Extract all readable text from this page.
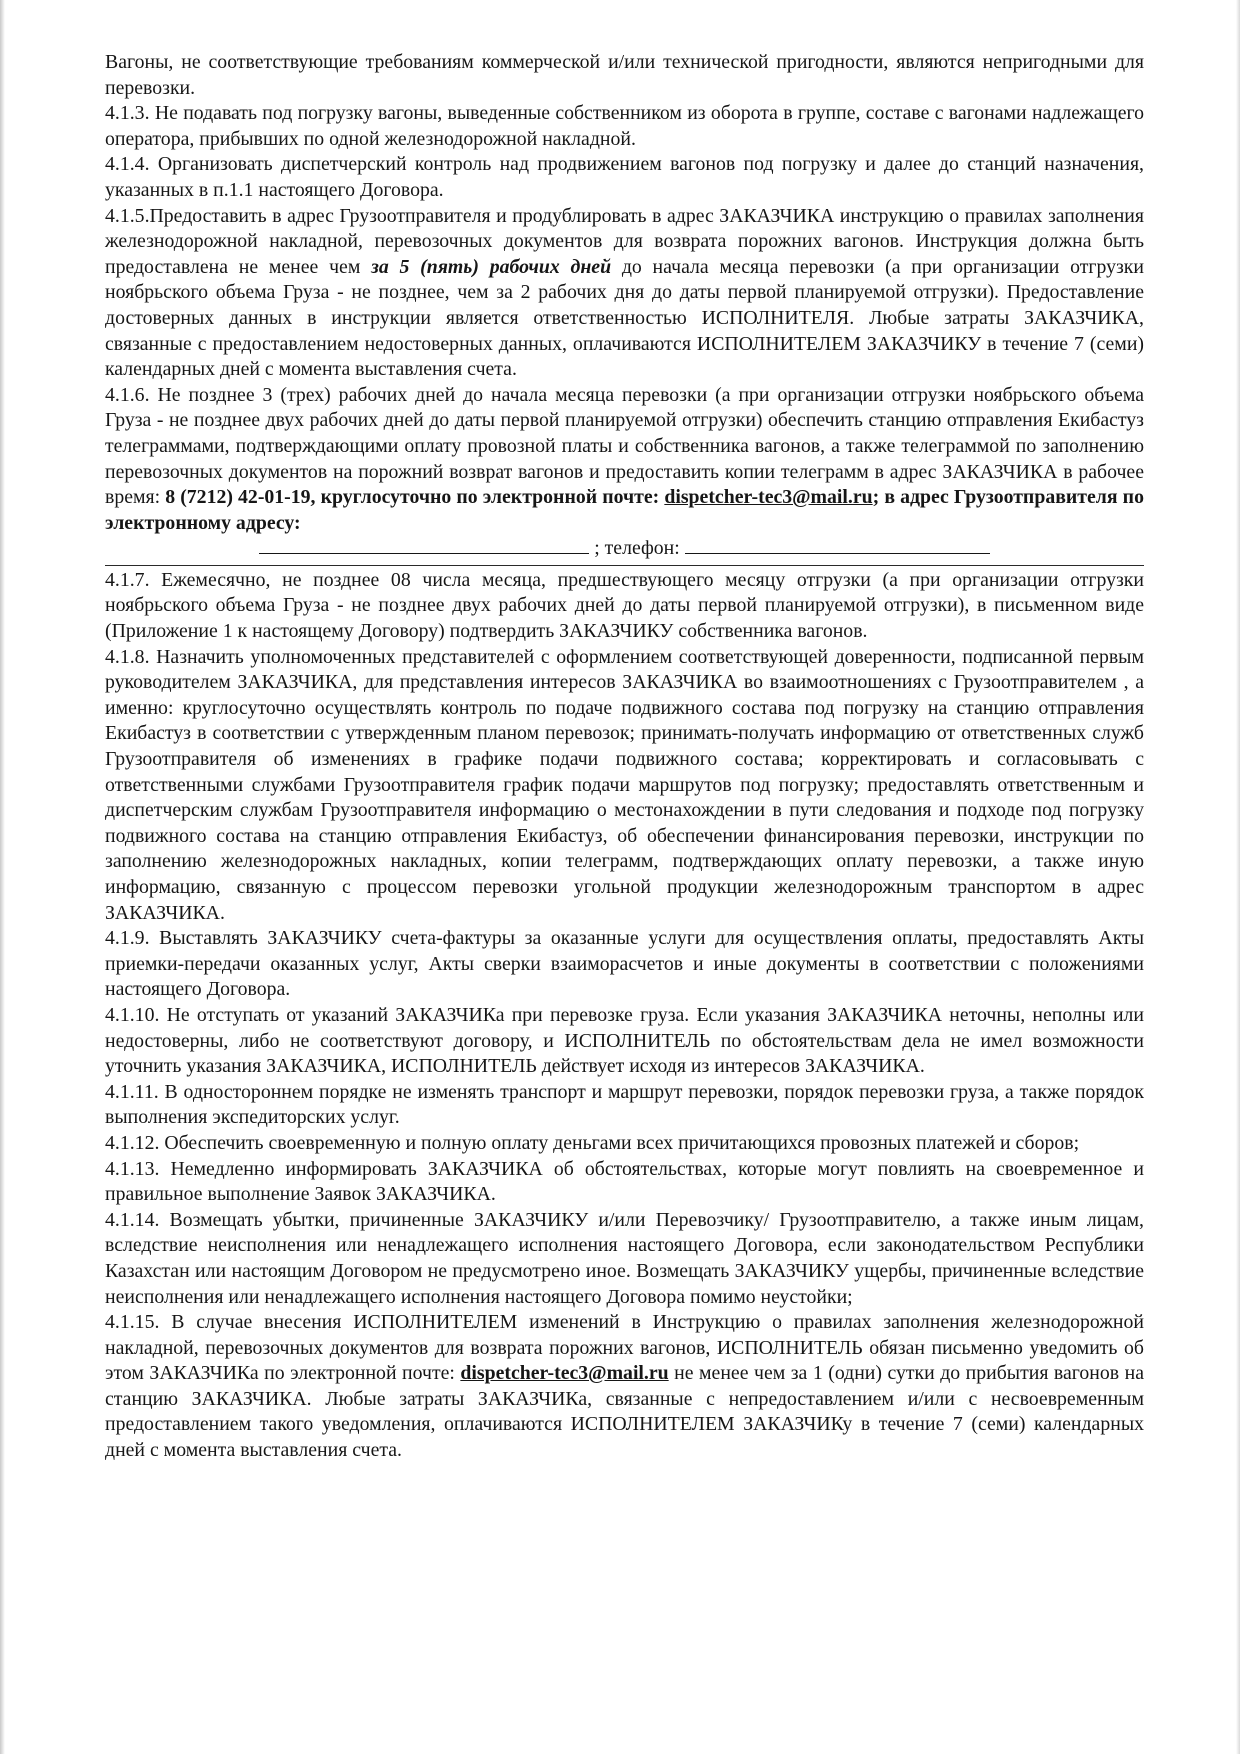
Вагоны, не соответствующие требованиям коммерческой и/или технической пригодности, являются непригодными для перевозки.

4.1.3. Не подавать под погрузку вагоны, выведенные собственником из оборота в группе, составе с вагонами надлежащего оператора, прибывших по одной железнодорожной накладной.

4.1.4. Организовать диспетчерский контроль над продвижением вагонов под погрузку и далее до станций назначения, указанных в п.1.1 настоящего Договора.

4.1.5.Предоставить в адрес Грузоотправителя и продублировать в адрес ЗАКАЗЧИКА инструкцию о правилах заполнения железнодорожной накладной, перевозочных документов для возврата порожних вагонов. Инструкция должна быть предоставлена не менее чем за 5 (пять) рабочих дней до начала месяца перевозки (а при организации отгрузки ноябрьского объема Груза - не позднее, чем за 2 рабочих дня до даты первой планируемой отгрузки). Предоставление достоверных данных в инструкции является ответственностью ИСПОЛНИТЕЛЯ. Любые затраты ЗАКАЗЧИКА, связанные с предоставлением недостоверных данных, оплачиваются ИСПОЛНИТЕЛЕМ ЗАКАЗЧИКУ в течение 7 (семи) календарных дней с момента выставления счета.

4.1.6. Не позднее 3 (трех) рабочих дней до начала месяца перевозки (а при организации отгрузки ноябрьского объема Груза - не позднее двух рабочих дней до даты первой планируемой отгрузки) обеспечить станцию отправления Екибастуз телеграммами, подтверждающими оплату провозной платы и собственника вагонов, а также телеграммой по заполнению перевозочных документов на порожний возврат вагонов и предоставить копии телеграмм в адрес ЗАКАЗЧИКА в рабочее время: 8 (7212) 42-01-19, круглосуточно по электронной почте: dispetcher-tec3@mail.ru; в адрес Грузоотправителя по электронному адресу:
; телефон:

4.1.7. Ежемесячно, не позднее 08 числа месяца, предшествующего месяцу отгрузки (а при организации отгрузки ноябрьского объема Груза - не позднее двух рабочих дней до даты первой планируемой отгрузки), в письменном виде (Приложение 1 к настоящему Договору) подтвердить ЗАКАЗЧИКУ собственника вагонов.

4.1.8. Назначить уполномоченных представителей с оформлением соответствующей доверенности, подписанной первым руководителем ЗАКАЗЧИКА, для представления интересов ЗАКАЗЧИКА во взаимоотношениях с Грузоотправителем , а именно: круглосуточно осуществлять контроль по подаче подвижного состава под погрузку на станцию отправления Екибастуз в соответствии с утвержденным планом перевозок; принимать-получать информацию от ответственных служб Грузоотправителя об изменениях в графике подачи подвижного состава; корректировать и согласовывать с ответственными службами Грузоотправителя график подачи маршрутов под погрузку; предоставлять ответственным и диспетчерским службам Грузоотправителя информацию о местонахождении в пути следования и подходе под погрузку подвижного состава на станцию отправления Екибастуз, об обеспечении финансирования перевозки, инструкции по заполнению железнодорожных накладных, копии телеграмм, подтверждающих оплату перевозки, а также иную информацию, связанную с процессом перевозки угольной продукции железнодорожным транспортом в адрес ЗАКАЗЧИКА.

4.1.9. Выставлять ЗАКАЗЧИКУ счета-фактуры за оказанные услуги для осуществления оплаты, предоставлять Акты приемки-передачи оказанных услуг, Акты сверки взаиморасчетов и иные документы в соответствии с положениями настоящего Договора.

4.1.10. Не отступать от указаний ЗАКАЗЧИКа при перевозке груза. Если указания ЗАКАЗЧИКА неточны, неполны или недостоверны, либо не соответствуют договору, и ИСПОЛНИТЕЛЬ по обстоятельствам дела не имел возможности уточнить указания ЗАКАЗЧИКА, ИСПОЛНИТЕЛЬ действует исходя из интересов ЗАКАЗЧИКА.

4.1.11. В одностороннем порядке не изменять транспорт и маршрут перевозки, порядок перевозки груза, а также порядок выполнения экспедиторских услуг.

4.1.12. Обеспечить своевременную и полную оплату деньгами всех причитающихся провозных платежей и сборов;

4.1.13. Немедленно информировать ЗАКАЗЧИКА об обстоятельствах, которые могут повлиять на своевременное и правильное выполнение Заявок ЗАКАЗЧИКА.

4.1.14. Возмещать убытки, причиненные ЗАКАЗЧИКУ и/или Перевозчику/ Грузоотправителю, а также иным лицам, вследствие неисполнения или ненадлежащего исполнения настоящего Договора, если законодательством Республики Казахстан или настоящим Договором не предусмотрено иное. Возмещать ЗАКАЗЧИКУ ущербы, причиненные вследствие неисполнения или ненадлежащего исполнения настоящего Договора помимо неустойки;

4.1.15. В случае внесения ИСПОЛНИТЕЛЕМ изменений в Инструкцию о правилах заполнения железнодорожной накладной, перевозочных документов для возврата порожних вагонов, ИСПОЛНИТЕЛЬ обязан письменно уведомить об этом ЗАКАЗЧИКа по электронной почте: dispetcher-tec3@mail.ru не менее чем за 1 (одни) сутки до прибытия вагонов на станцию ЗАКАЗЧИКА. Любые затраты ЗАКАЗЧИКа, связанные с непредоставлением и/или с несвоевременным предоставлением такого уведомления, оплачиваются ИСПОЛНИТЕЛЕМ ЗАКАЗЧИКу в течение 7 (семи) календарных дней с момента выставления счета.
